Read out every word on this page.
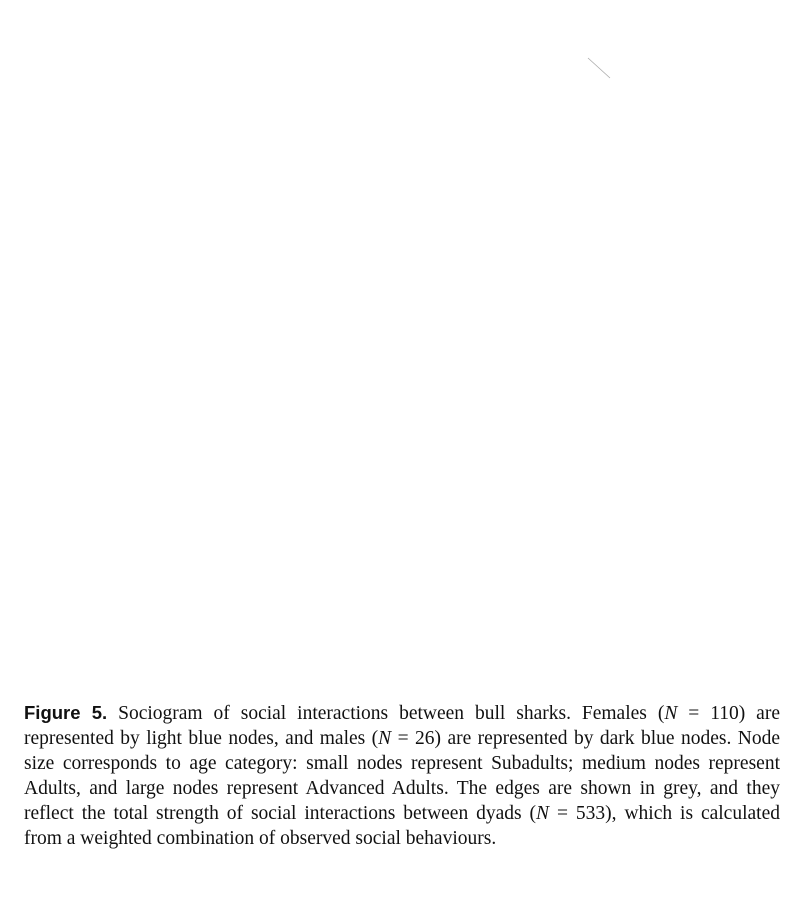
Figure 5. Sociogram of social interactions between bull sharks. Females (N = 110) are represented by light blue nodes, and males (N = 26) are represented by dark blue nodes. Node size corresponds to age category: small nodes represent Subadults; medium nodes represent Adults, and large nodes represent Advanced Adults. The edges are shown in grey, and they reflect the total strength of social interactions between dyads (N = 533), which is calculated from a weighted combination of observed social behaviours.
